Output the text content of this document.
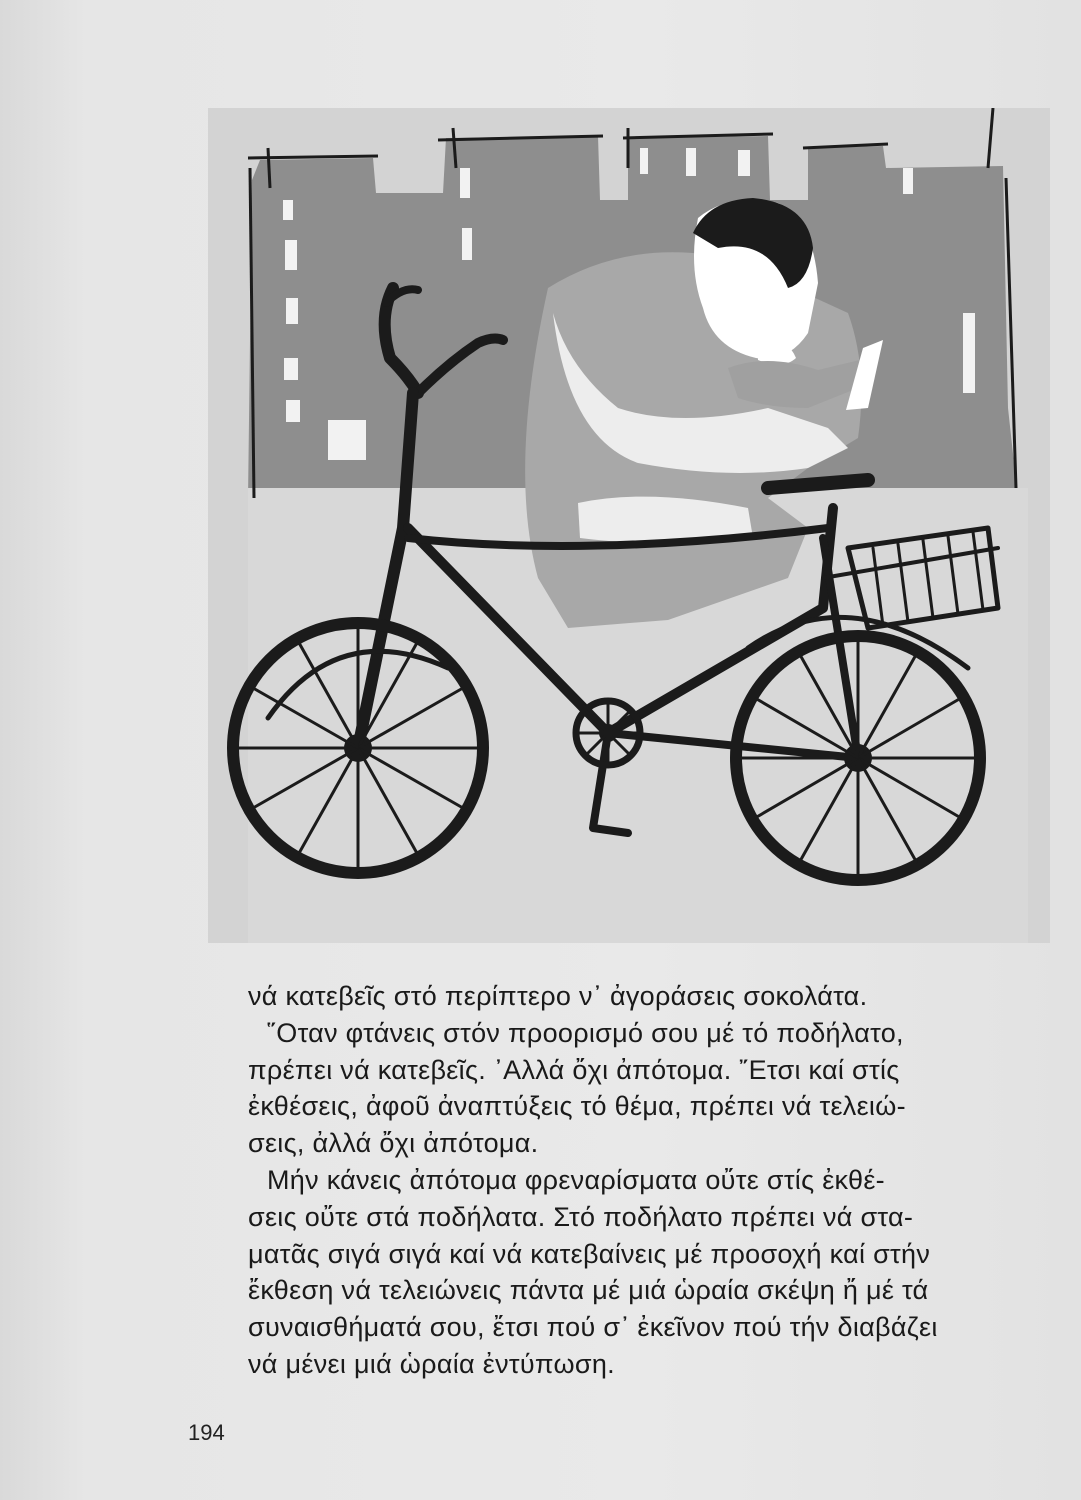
νά κατεβεῖς στό περίπτερο ν᾿ ἀγοράσεις σοκολάτα.
῞Οταν φτάνεις στόν προορισμό σου μέ τό ποδήλατο,
πρέπει νά κατεβεῖς. ᾿Αλλά ὄχι ἀπότομα. ῎Ετσι καί στίς
ἐκθέσεις, ἀφοῦ ἀναπτύξεις τό θέμα, πρέπει νά τελειώ-
σεις, ἀλλά ὄχι ἀπότομα.

Μήν κάνεις ἀπότομα φρεναρίσματα οὔτε στίς ἐκθέ-
σεις οὔτε στά ποδήλατα. Στό ποδήλατο πρέπει νά στα-
ματᾶς σιγά σιγά καί νά κατεβαίνεις μέ προσοχή καί στήν
ἔκθεση νά τελειώνεις πάντα μέ μιά ὡραία σκέψη ἤ μέ τά
συναισθήματά σου, ἔτσι πού σ᾿ ἐκεῖνον πού τήν διαβάζει
νά μένει μιά ὡραία ἐντύπωση.

194
